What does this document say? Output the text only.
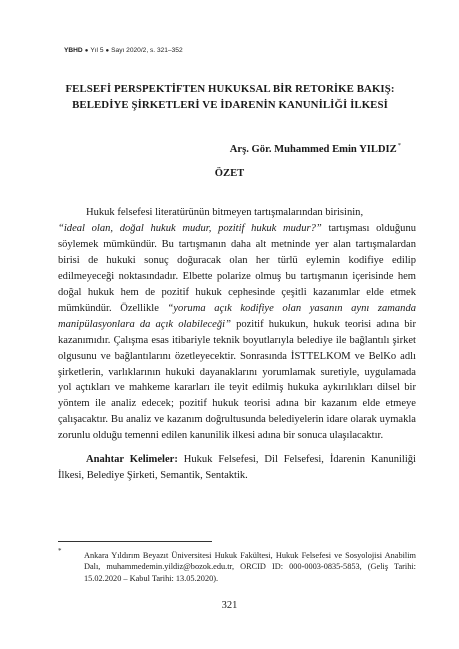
YBHD ● Yıl 5 ● Sayı 2020/2, s. 321–352
FELSEFİ PERSPEKTİFTEN HUKUKSAL BİR RETORİKE BAKIŞ:
BELEDİYE ŞİRKETLERİ VE İDARENİN KANUNİLİĞİ İLKESİ
Arş. Gör. Muhammed Emin YILDIZ*
ÖZET

Hukuk felsefesi literatürünün bitmeyen tartışmalarından birisinin,
“ideal olan, doğal hukuk mudur, pozitif hukuk mudur?” tartışması olduğunu söylemek mümkündür. Bu tartışmanın daha alt metninde yer alan tartışmalardan birisi de hukuki sonuç doğuracak olan her türlü eylemin kodifiye edilip edilmeyeceği noktasındadır. Elbette polarize olmuş bu tartışmanın içerisinde hem doğal hukuk hem de pozitif hukuk cephesinde çeşitli kazanımlar elde etmek mümkündür. Özellikle “yoruma açık kodifiye olan yasanın aynı zamanda manipülasyonlara da açık olabileceği” pozitif hukukun, hukuk teorisi adına bir kazanımıdır. Çalışma esas itibariyle teknik boyutlarıyla belediye ile bağlantılı şirket olgusunu ve bağlantılarını özetleyecektir. Sonrasında İSTTELKOM ve BelKo adlı şirketlerin, varlıklarının hukuki dayanaklarını yorumlamak suretiyle, uygulamada yol açtıkları ve mahkeme kararları ile teyit edilmiş hukuka aykırılıkları dilsel bir yöntem ile analiz edecek; pozitif hukuk teorisi adına bir kazanım elde etmeye çalışacaktır. Bu analiz ve kazanım doğrultusunda belediyelerin idare olarak uymakla zorunlu olduğu temenni edilen kanunilik ilkesi adına bir sonuca ulaşılacaktır.

Anahtar Kelimeler: Hukuk Felsefesi, Dil Felsefesi, İdarenin Kanuniliği İlkesi, Belediye Şirketi, Semantik, Sentaktik.

*	Ankara Yıldırım Beyazıt Üniversitesi Hukuk Fakültesi, Hukuk Felsefesi ve Sosyolojisi Anabilim Dalı, muhammedemin.yildiz@bozok.edu.tr, ORCID ID: 000-0003-0835-5853, (Geliş Tarihi: 15.02.2020 – Kabul Tarihi: 13.05.2020).

321
